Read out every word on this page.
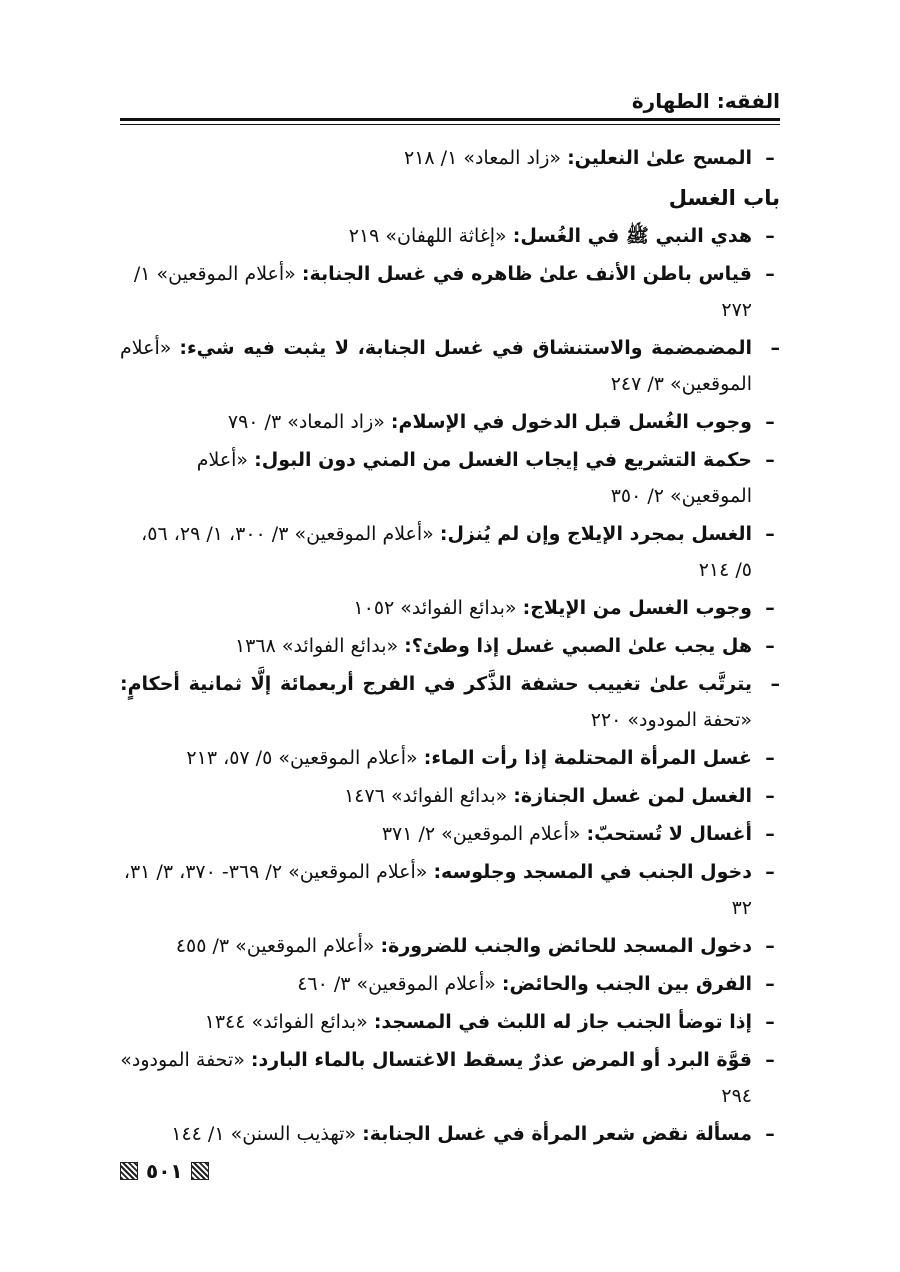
الفقه: الطهارة
–
المسح علىٰ النعلين: «زاد المعاد» ١/ ٢١٨
باب الغسل
–
هدي النبي ﷺ في الغُسل: «إغاثة اللهفان» ٢١٩
–
قياس باطن الأنف علىٰ ظاهره في غسل الجنابة: «أعلام الموقعين» ١/ ٢٧٢
–
المضمضمة والاستنشاق في غسل الجنابة، لا يثبت فيه شيء: «أعلام الموقعين» ٣/ ٢٤٧
–
وجوب الغُسل قبل الدخول في الإسلام: «زاد المعاد» ٣/ ٧٩٠
–
حكمة التشريع في إيجاب الغسل من المني دون البول: «أعلام الموقعين» ٢/ ٣٥٠
–
الغسل بمجرد الإيلاج وإن لم يُنزل: «أعلام الموقعين» ٣/ ٣٠٠، ١/ ٢٩، ٥٦، ٥/ ٢١٤
–
وجوب الغسل من الإيلاج: «بدائع الفوائد» ١٠٥٢
–
هل يجب علىٰ الصبي غسل إذا وطئ؟: «بدائع الفوائد» ١٣٦٨
–
يترتَّب علىٰ تغييب حشفة الذَّكر في الفرج أربعمائة إلَّا ثمانية أحكامٍ: «تحفة المودود» ٢٢٠
–
غسل المرأة المحتلمة إذا رأت الماء: «أعلام الموقعين» ٥/ ٥٧، ٢١٣
–
الغسل لمن غسل الجنازة: «بدائع الفوائد» ١٤٧٦
–
أغسال لا تُستحبّ: «أعلام الموقعين» ٢/ ٣٧١
–
دخول الجنب في المسجد وجلوسه: «أعلام الموقعين» ٢/ ٣٦٩- ٣٧٠، ٣/ ٣١، ٣٢
–
دخول المسجد للحائض والجنب للضرورة: «أعلام الموقعين» ٣/ ٤٥٥
–
الفرق بين الجنب والحائض: «أعلام الموقعين» ٣/ ٤٦٠
–
إذا توضأ الجنب جاز له اللبث في المسجد: «بدائع الفوائد» ١٣٤٤
–
قوَّة البرد أو المرض عذرٌ يسقط الاغتسال بالماء البارد: «تحفة المودود» ٢٩٤
–
مسألة نقض شعر المرأة في غسل الجنابة: «تهذيب السنن» ١/ ١٤٤
٥٠١
